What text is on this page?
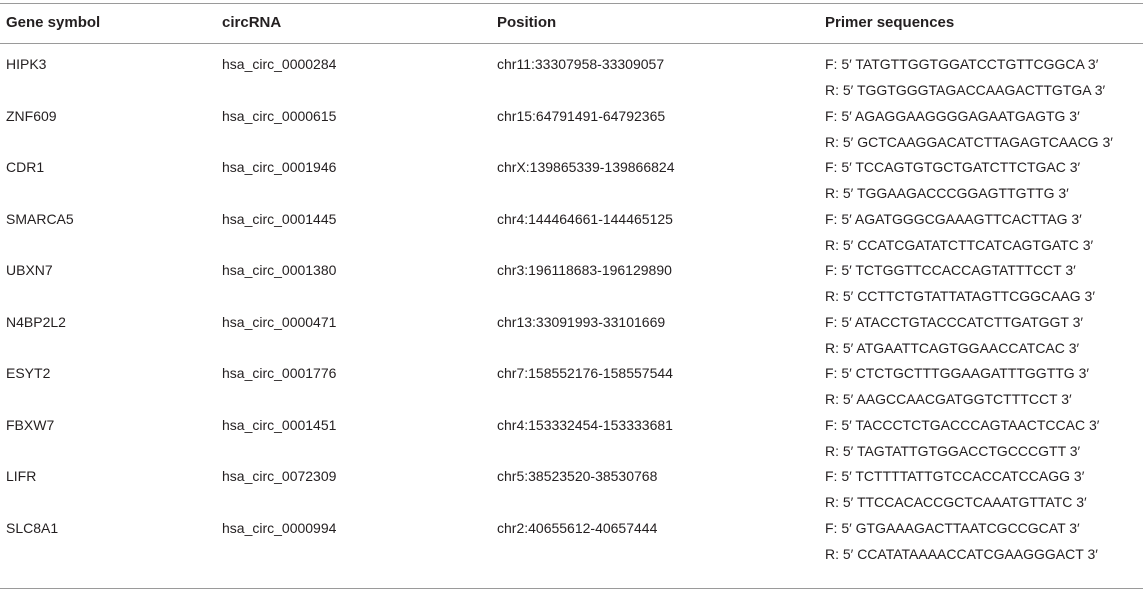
Gene symbol	circRNA	Position	Primer sequences
HIPK3	hsa_circ_0000284	chr11:33307958-33309057	F: 5′ TATGTTGGTGGATCCTGTTCGGCA 3′
R: 5′ TGGTGGGTAGACCAAGACTTGTGA 3′
ZNF609	hsa_circ_0000615	chr15:64791491-64792365	F: 5′ AGAGGAAGGGGAGAATGAGTG 3′
R: 5′ GCTCAAGGACATCTTAGAGTCAACG 3′
CDR1	hsa_circ_0001946	chrX:139865339-139866824	F: 5′ TCCAGTGTGCTGATCTTCTGAC 3′
R: 5′ TGGAAGACCCGGAGTTGTTG 3′
SMARCA5	hsa_circ_0001445	chr4:144464661-144465125	F: 5′ AGATGGGCGAAAGTTCACTTAG 3′
R: 5′ CCATCGATATCTTCATCAGTGATC 3′
UBXN7	hsa_circ_0001380	chr3:196118683-196129890	F: 5′ TCTGGTTCCACCAGTATTTCCT 3′
R: 5′ CCTTCTGTATTATAGTTCGGCAAG 3′
N4BP2L2	hsa_circ_0000471	chr13:33091993-33101669	F: 5′ ATACCTGTACCCATCTTGATGGT 3′
R: 5′ ATGAATTCAGTGGAACCATCAC 3′
ESYT2	hsa_circ_0001776	chr7:158552176-158557544	F: 5′ CTCTGCTTTGGAAGATTTGGTTG 3′
R: 5′ AAGCCAACGATGGTCTTTCCT 3′
FBXW7	hsa_circ_0001451	chr4:153332454-153333681	F: 5′ TACCCTCTGACCCAGTAACTCCAC 3′
R: 5′ TAGTATTGTGGACCTGCCCGTT 3′
LIFR	hsa_circ_0072309	chr5:38523520-38530768	F: 5′ TCTTTTATTGTCCACCATCCAGG 3′
R: 5′ TTCCACACCGCTCAAATGTTATC 3′
SLC8A1	hsa_circ_0000994	chr2:40655612-40657444	F: 5′ GTGAAAGACTTAATCGCCGCAT 3′
R: 5′ CCATATAAAACCATCGAAGGGACT 3′
